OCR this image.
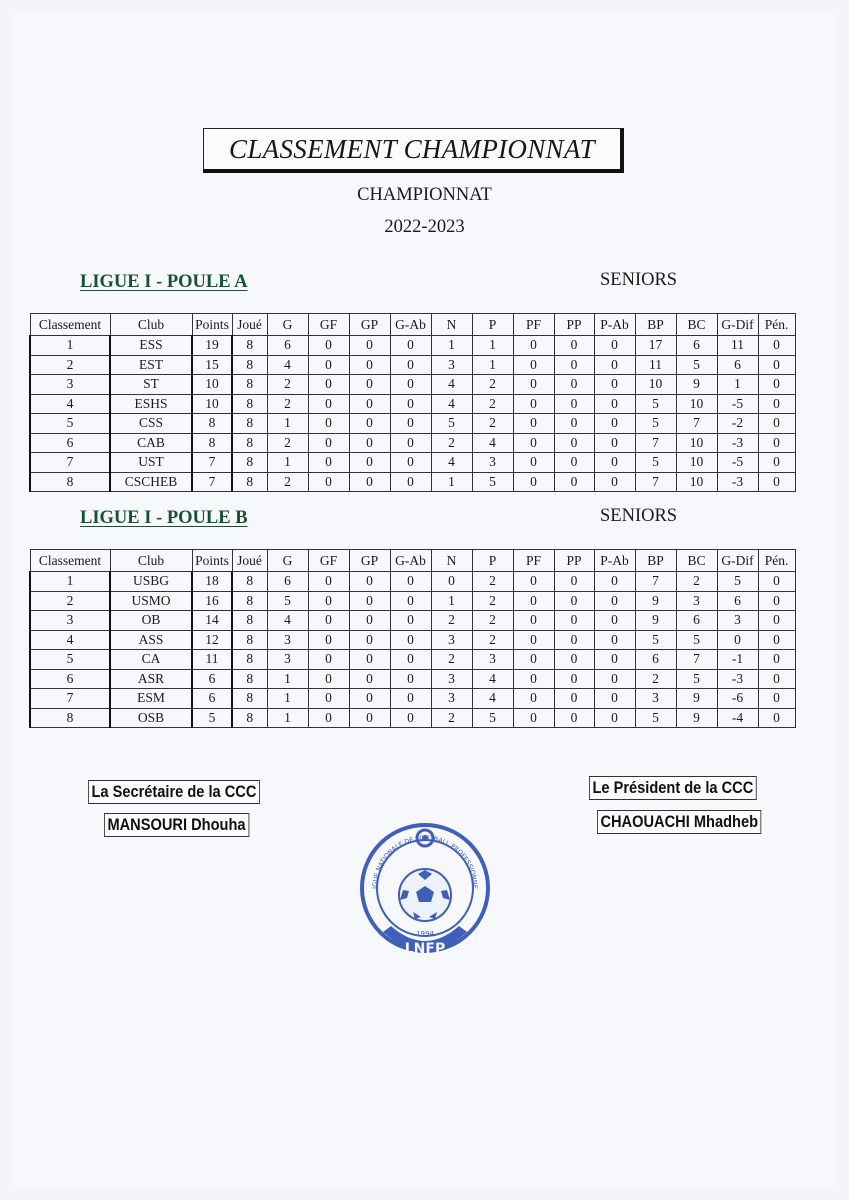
CLASSEMENT CHAMPIONNAT
CHAMPIONNAT
2022-2023
LIGUE I - POULE A	SENIORS
Classement	Club	Points	Joué	G	GF	GP	G-Ab	N	P	PF	PP	P-Ab	BP	BC	G-Dif	Pén.
1	ESS	19	8	6	0	0	0	1	1	0	0	0	17	6	11	0
2	EST	15	8	4	0	0	0	3	1	0	0	0	11	5	6	0
3	ST	10	8	2	0	0	0	4	2	0	0	0	10	9	1	0
4	ESHS	10	8	2	0	0	0	4	2	0	0	0	5	10	-5	0
5	CSS	8	8	1	0	0	0	5	2	0	0	0	5	7	-2	0
6	CAB	8	8	2	0	0	0	2	4	0	0	0	7	10	-3	0
7	UST	7	8	1	0	0	0	4	3	0	0	0	5	10	-5	0
8	CSCHEB	7	8	2	0	0	0	1	5	0	0	0	7	10	-3	0
LIGUE I - POULE B	SENIORS
Classement	Club	Points	Joué	G	GF	GP	G-Ab	N	P	PF	PP	P-Ab	BP	BC	G-Dif	Pén.
1	USBG	18	8	6	0	0	0	0	2	0	0	0	7	2	5	0
2	USMO	16	8	5	0	0	0	1	2	0	0	0	9	3	6	0
3	OB	14	8	4	0	0	0	2	2	0	0	0	9	6	3	0
4	ASS	12	8	3	0	0	0	3	2	0	0	0	5	5	0	0
5	CA	11	8	3	0	0	0	2	3	0	0	0	6	7	-1	0
6	ASR	6	8	1	0	0	0	3	4	0	0	0	2	5	-3	0
7	ESM	6	8	1	0	0	0	3	4	0	0	0	3	9	-6	0
8	OSB	5	8	1	0	0	0	2	5	0	0	0	5	9	-4	0
La Secrétaire de la CCC
MANSOURI Dhouha
Le Président de la CCC
CHAOUACHI Mhadheb
LNFP
1994
IGUE NATIONALE DE FOOTBALL PROFESSIONNE
